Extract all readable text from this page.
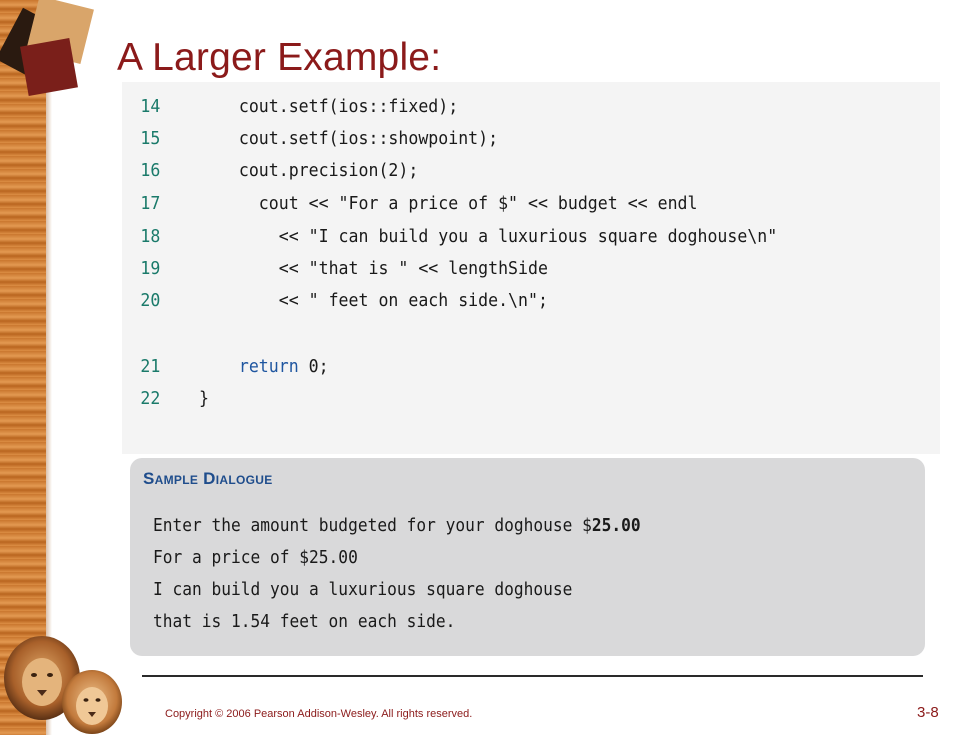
A Larger Example:
14      cout.setf(ios::fixed);
15      cout.setf(ios::showpoint);
16      cout.precision(2);
17        cout << "For a price of $" << budget << endl
18          << "I can build you a luxurious square doghouse\n"
19          << "that is " << lengthSide
20          << " feet on each side.\n";
21	return 0;
22  }
Sample Dialogue
Enter the amount budgeted for your doghouse $25.00
For a price of $25.00
I can build you a luxurious square doghouse
that is 1.54 feet on each side.
Copyright © 2006 Pearson Addison-Wesley. All rights reserved.	3-8
